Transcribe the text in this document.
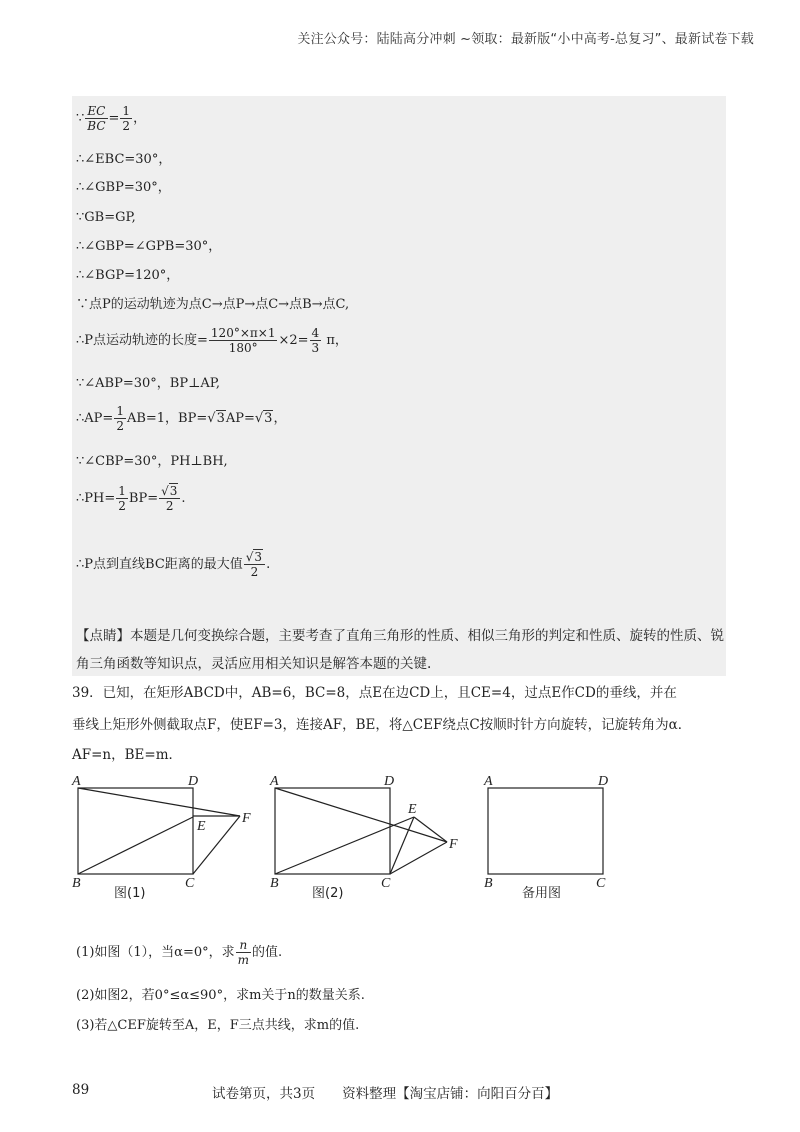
关注公众号：陆陆高分冲刺 ~领取：最新版“小中高考-总复习”、最新试卷下载
∵ $\frac{EC}{BC} = \frac{1}{2}$ ，
∴∠EBC=30°，
∴∠GBP=30°，
∵GB=GP,
∴∠GBP=∠GPB=30°，
∴∠BGP=120°，
∵点P的运动轨迹为点C→点P→点C→点B→点C,
∴P点运动轨迹的长度= $\frac{120^\circ\times\pi\times 1}{180^\circ} \times 2= \frac{4}{3}$ π，
∵∠ABP=30°，BP⊥AP,
∴AP= $\frac{1}{2} AB=1$，BP=√3AP=√3，
∵∠CBP=30°，PH⊥BH,
∴PH= $\frac{1}{2} BP= \frac{√3}{2}$ .
∴P点到直线BC距离的最大值 $\frac{√3}{2}$ .
【点睛】本题是几何变换综合题，主要考查了直角三角形的性质、相似三角形的判定和性质、旋转的性质、锐角三角函数等知识点，灵活应用相关知识是解答本题的关键.
39．已知，在矩形ABCD中，AB=6，BC=8，点E在边CD上，且CE=4，过点E作CD的垂线，并在
垂线上矩形外侧截取点F，使EF=3，连接AF，BE，将△CEF绕点C按顺时针方向旋转，记旋转角为α．
AF=n，BE=m．
A	D
B	C
E
F
A	D
B	C
E
F
A	D
B	C
图(1)	图(2)	备用图
(1)如图（1），当α=0°，求 $\frac{n}{m}$ 的值.
(2)如图2，若0°≤α≤90°，求m关于n的数量关系.
(3)若△CEF旋转至A，E，F三点共线，求m的值.
89	试卷第页，共3页　　资料整理【淘宝店铺：向阳百分百】
